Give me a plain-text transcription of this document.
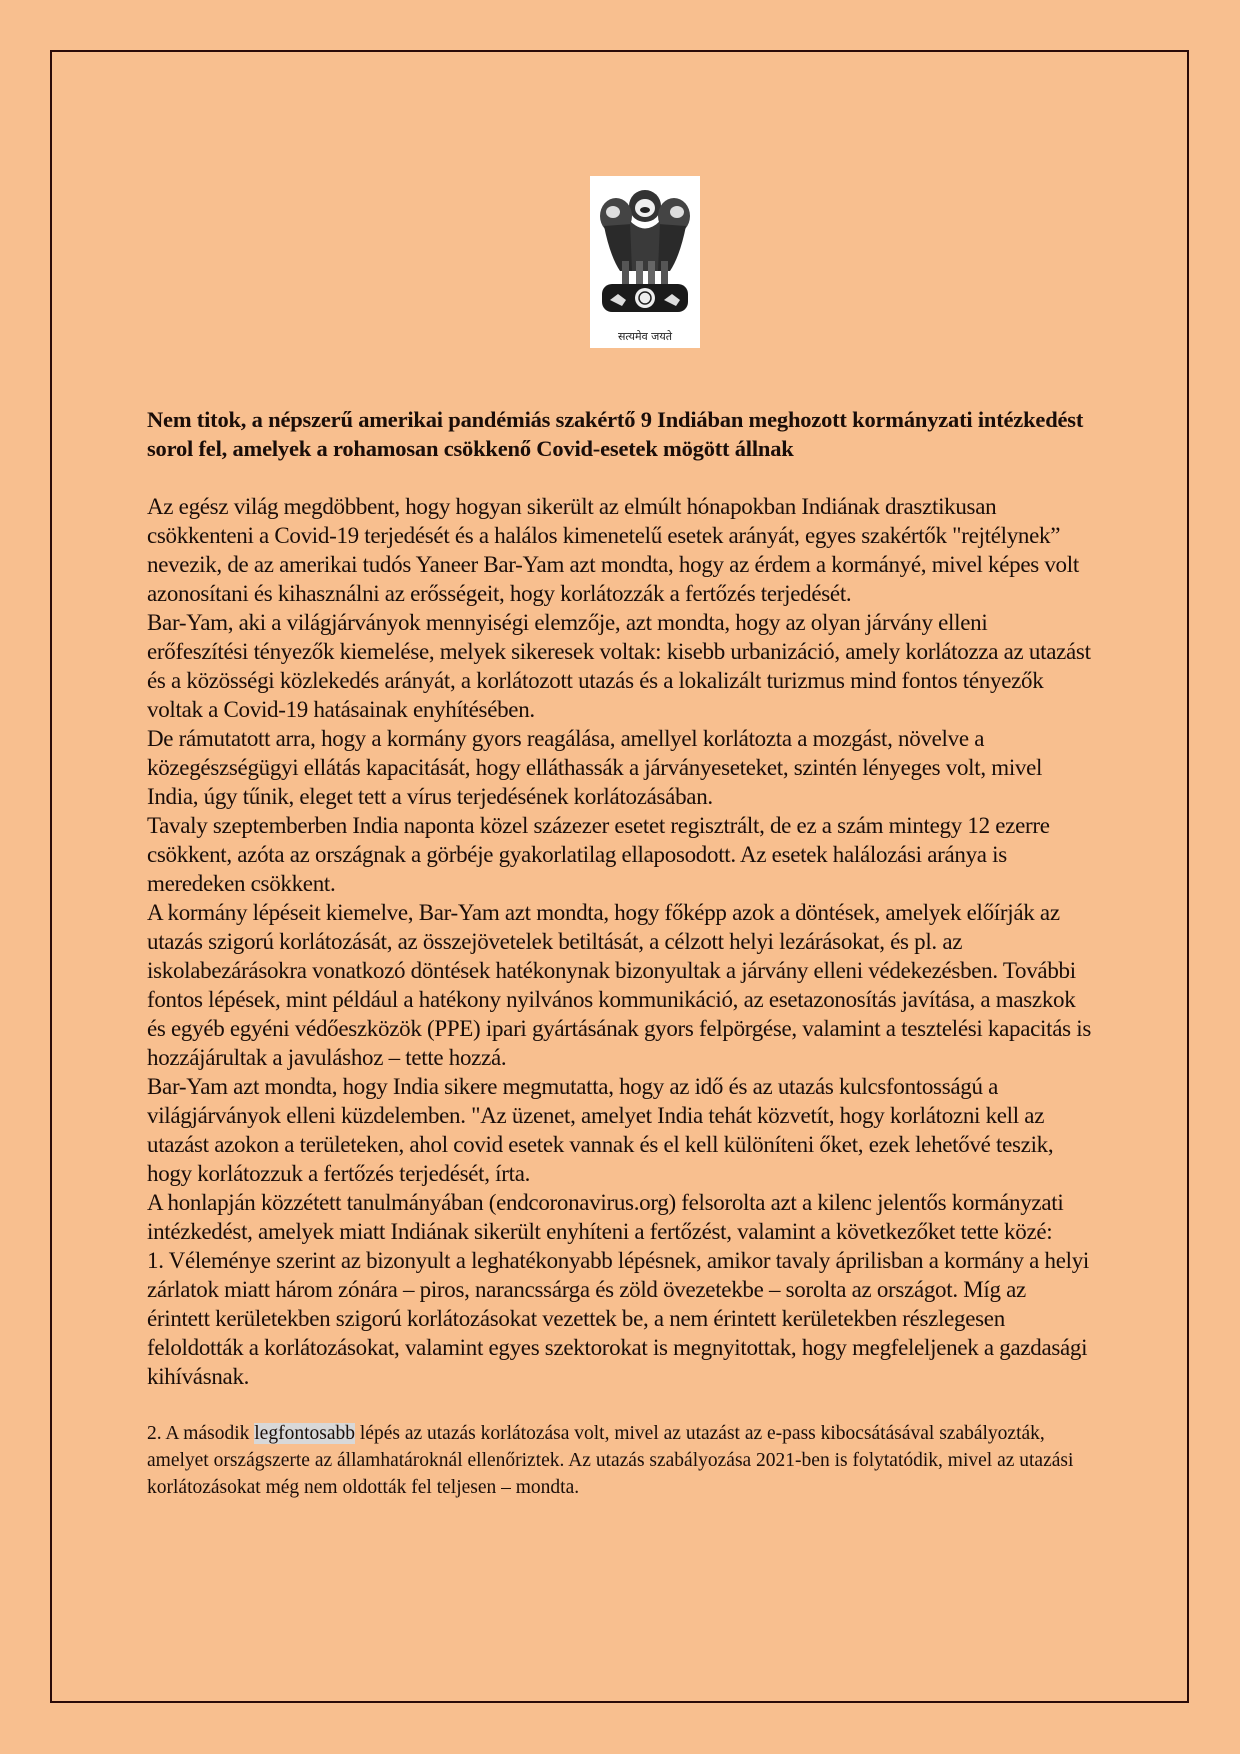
सत्यमेव जयते
Nem titok, a népszerű amerikai pandémiás szakértő 9 Indiában meghozott kormányzati intézkedést sorol fel, amelyek a rohamosan csökkenő Covid-esetek mögött állnak

Az egész világ megdöbbent, hogy hogyan sikerült az elmúlt hónapokban Indiának drasztikusan csökkenteni a Covid-19 terjedését és a halálos kimenetelű esetek arányát, egyes szakértők "rejtélynek” nevezik, de az amerikai tudós Yaneer Bar-Yam azt mondta, hogy az érdem a kormányé, mivel képes volt azonosítani és kihasználni az erősségeit, hogy korlátozzák a fertőzés terjedését.

Bar-Yam, aki a világjárványok mennyiségi elemzője, azt mondta, hogy az olyan járvány elleni erőfeszítési tényezők kiemelése, melyek sikeresek voltak: kisebb urbanizáció, amely korlátozza az utazást és a közösségi közlekedés arányát, a korlátozott utazás és a lokalizált turizmus mind fontos tényezők voltak a Covid-19 hatásainak enyhítésében.

De rámutatott arra, hogy a kormány gyors reagálása, amellyel korlátozta a mozgást, növelve a közegészségügyi ellátás kapacitását, hogy elláthassák a járványeseteket, szintén lényeges volt, mivel India, úgy tűnik, eleget tett a vírus terjedésének korlátozásában.

Tavaly szeptemberben India naponta közel százezer esetet regisztrált, de ez a szám mintegy 12 ezerre csökkent, azóta az országnak a görbéje gyakorlatilag ellaposodott. Az esetek halálozási aránya is meredeken csökkent.

A kormány lépéseit kiemelve, Bar-Yam azt mondta, hogy főképp azok a döntések, amelyek előírják az utazás szigorú korlátozását, az összejövetelek betiltását, a célzott helyi lezárásokat, és pl. az iskolabezárásokra vonatkozó döntések hatékonynak bizonyultak a járvány elleni védekezésben. További fontos lépések, mint például a hatékony nyilvános kommunikáció, az esetazonosítás javítása, a maszkok és egyéb egyéni védőeszközök (PPE) ipari gyártásának gyors felpörgése, valamint a tesztelési kapacitás is hozzájárultak a javuláshoz – tette hozzá.

Bar-Yam azt mondta, hogy India sikere megmutatta, hogy az idő és az utazás kulcsfontosságú a világjárványok elleni küzdelemben. "Az üzenet, amelyet India tehát közvetít, hogy korlátozni kell az utazást azokon a területeken, ahol covid esetek vannak és el kell különíteni őket, ezek lehetővé teszik, hogy korlátozzuk a fertőzés terjedését, írta.

A honlapján közzétett tanulmányában (endcoronavirus.org) felsorolta azt a kilenc jelentős kormányzati intézkedést, amelyek miatt Indiának sikerült enyhíteni a fertőzést, valamint a következőket tette közé:

1. Véleménye szerint az bizonyult a leghatékonyabb lépésnek, amikor tavaly áprilisban a kormány a helyi zárlatok miatt három zónára – piros, narancssárga és zöld övezetekbe – sorolta az országot. Míg az érintett kerületekben szigorú korlátozásokat vezettek be, a nem érintett kerületekben részlegesen feloldották a korlátozásokat, valamint egyes szektorokat is megnyitottak, hogy megfeleljenek a gazdasági kihívásnak.

2. A második legfontosabb lépés az utazás korlátozása volt, mivel az utazást az e-pass kibocsátásával szabályozták, amelyet országszerte az államhatároknál ellenőriztek. Az utazás szabályozása 2021-ben is folytatódik, mivel az utazási korlátozásokat még nem oldották fel teljesen – mondta.
